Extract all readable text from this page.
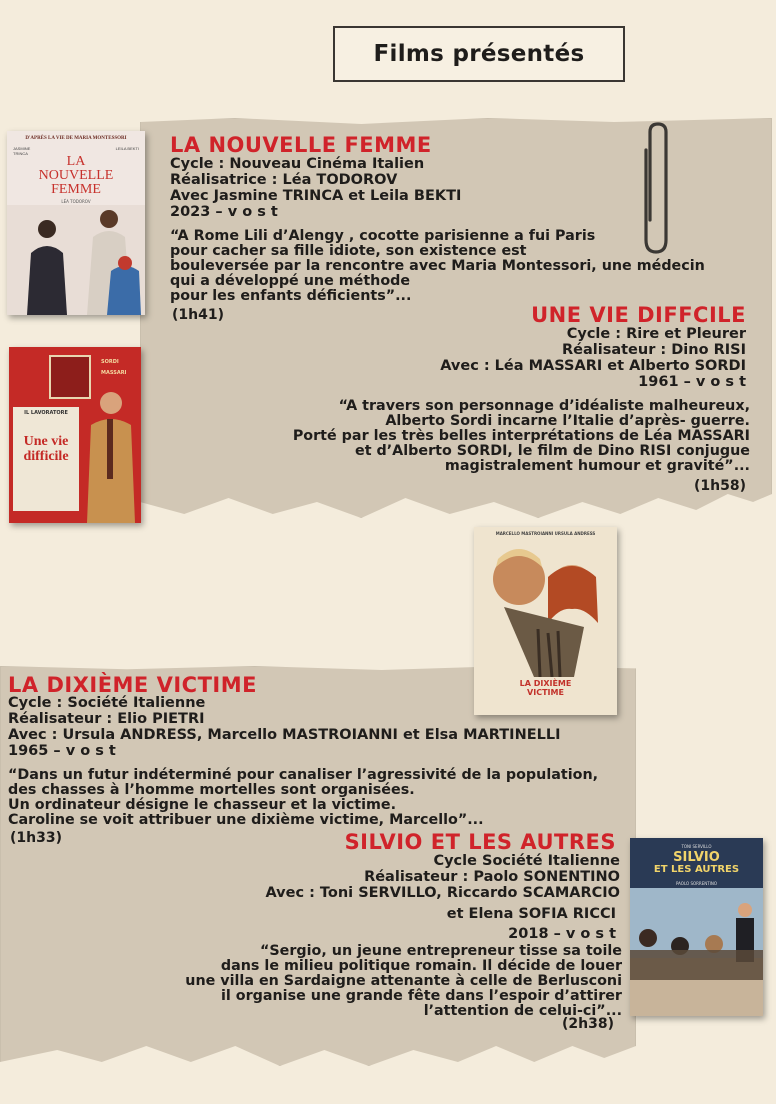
Films présentés
D'APRÈS LA VIE DE MARIA MONTESSORI
JASMINE TRINCA
LEILA BEKTI
LA
NOUVELLE
FEMME
LÉA TODOROV
LA NOUVELLE FEMME
Cycle : Nouveau Cinéma Italien
Réalisatrice : Léa TODOROV
Avec Jasmine TRINCA et Leila BEKTI
2023 – v o s t
“A Rome Lili d’Alengy , cocotte parisienne a fui Paris
pour cacher sa fille idiote, son existence est
bouleversée par la rencontre avec Maria Montessori, une médecin
qui a développé une méthode
pour les enfants déficients”...
(1h41)
SORDI
MASSARI
IL LAVORATORE
Une vie
difficile
UNE VIE DIFFCILE
Cycle : Rire et Pleurer
Réalisateur : Dino RISI
Avec : Léa MASSARI et Alberto SORDI
1961 – v o s t
“A travers son personnage d’idéaliste malheureux,
Alberto Sordi incarne l’Italie d’après- guerre.
Porté par les très belles interprétations de Léa MASSARI
et d’Alberto SORDI, le film de Dino RISI conjugue
magistralement humour et gravité”...
(1h58)
MARCELLO MASTROIANNI URSULA ANDRESS
LA DIXIÈME
VICTIME
LA DIXIÈME VICTIME
Cycle : Société Italienne
Réalisateur : Elio PIETRI
Avec : Ursula ANDRESS, Marcello MASTROIANNI et Elsa MARTINELLI
1965 – v o s t
“Dans un futur indéterminé pour canaliser l’agressivité de la population,
des chasses à l’homme mortelles sont organisées.
Un ordinateur désigne le chasseur et la victime.
Caroline se voit attribuer une dixième victime, Marcello”...
(1h33)
TONI SERVILLO
SILVIO
ET LES AUTRES
PAOLO SORRENTINO
SILVIO ET LES AUTRES
Cycle Société Italienne
Réalisateur : Paolo SONENTINO
Avec : Toni SERVILLO, Riccardo SCAMARCIO
et Elena SOFIA RICCI
2018 – v o s t
“Sergio, un jeune entrepreneur tisse sa toile
dans le milieu politique romain. Il décide de louer
une villa en Sardaigne attenante à celle de Berlusconi
il organise une grande fête dans l’espoir d’attirer
l’attention de celui-ci”...
(2h38)
